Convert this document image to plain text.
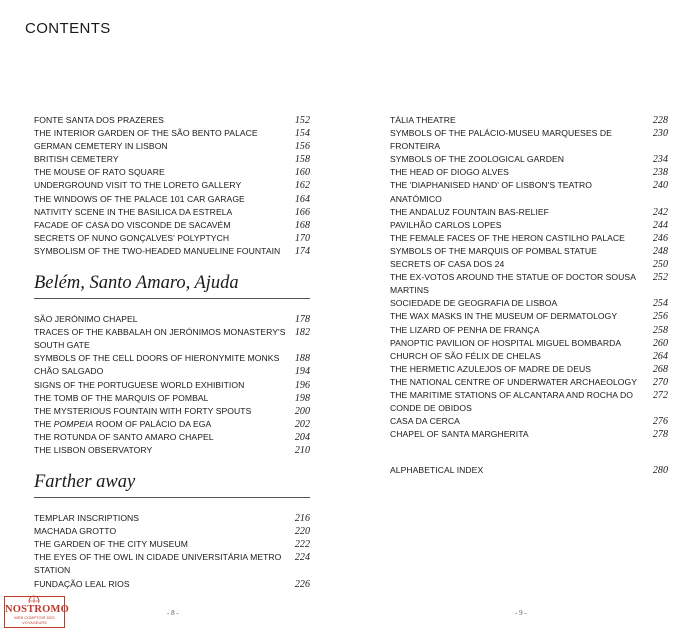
CONTENTS
FONTE SANTA DOS PRAZERES	152
THE INTERIOR GARDEN OF THE SÃO BENTO PALACE	154
GERMAN CEMETERY IN LISBON	156
BRITISH CEMETERY	158
THE MOUSE OF RATO SQUARE	160
UNDERGROUND VISIT TO THE LORETO GALLERY	162
THE WINDOWS OF THE PALACE 101 CAR GARAGE	164
NATIVITY SCENE IN THE BASILICA DA ESTRELA	166
FACADE OF CASA DO VISCONDE DE SACAVÉM	168
SECRETS OF NUNO GONÇALVES' POLYPTYCH	170
SYMBOLISM OF THE TWO-HEADED MANUELINE FOUNTAIN	174
Belém, Santo Amaro, Ajuda
SÃO JERÓNIMO CHAPEL	178
TRACES OF THE KABBALAH ON JERÓNIMOS MONASTERY'S SOUTH GATE
182
SYMBOLS OF THE CELL DOORS OF HIERONYMITE MONKS	188
CHÃO SALGADO	194
SIGNS OF THE PORTUGUESE WORLD EXHIBITION	196
THE TOMB OF THE MARQUIS OF POMBAL	198
THE MYSTERIOUS FOUNTAIN WITH FORTY SPOUTS	200
THE POMPEIA ROOM OF PALÁCIO DA EGA	202
THE ROTUNDA OF SANTO AMARO CHAPEL	204
THE LISBON OBSERVATORY	210
Farther away
TEMPLAR INSCRIPTIONS	216
MACHADA GROTTO	220
THE GARDEN OF THE CITY MUSEUM	222
THE EYES OF THE OWL IN CIDADE UNIVERSITÁRIA METRO STATION
224
FUNDAÇÃO LEAL RIOS	226
TÁLIA THEATRE	228
SYMBOLS OF THE PALÁCIO-MUSEU MARQUESES DE FRONTEIRA
230
SYMBOLS OF THE ZOOLOGICAL GARDEN	234
THE HEAD OF DIOGO ALVES	238
THE 'DIAPHANISED HAND' OF LISBON'S TEATRO ANATÓMICO
240
THE ANDALUZ FOUNTAIN BAS-RELIEF	242
PAVILHÃO CARLOS LOPES	244
THE FEMALE FACES OF THE HERON CASTILHO PALACE	246
SYMBOLS OF THE MARQUIS OF POMBAL STATUE	248
SECRETS OF CASA DOS 24	250
THE EX-VOTOS AROUND THE STATUE OF DOCTOR SOUSA MARTINS
252
SOCIEDADE DE GEOGRAFIA DE LISBOA	254
THE WAX MASKS IN THE MUSEUM OF DERMATOLOGY	256
THE LIZARD OF PENHA DE FRANÇA	258
PANOPTIC PAVILION OF HOSPITAL MIGUEL BOMBARDA	260
CHURCH OF SÃO FÉLIX DE CHELAS	264
THE HERMETIC AZULEJOS OF MADRE DE DEUS	268
THE NATIONAL CENTRE OF UNDERWATER ARCHAEOLOGY	270
THE MARITIME STATIONS OF ALCANTARA AND ROCHA DO CONDE DE OBIDOS
272
CASA DA CERCA	276
CHAPEL OF SANTA MARGHERITA	278
ALPHABETICAL INDEX	280
- 8 -	- 9 -
NOSTROMO
WEB COMPTOIR DES VOYAGEURS
